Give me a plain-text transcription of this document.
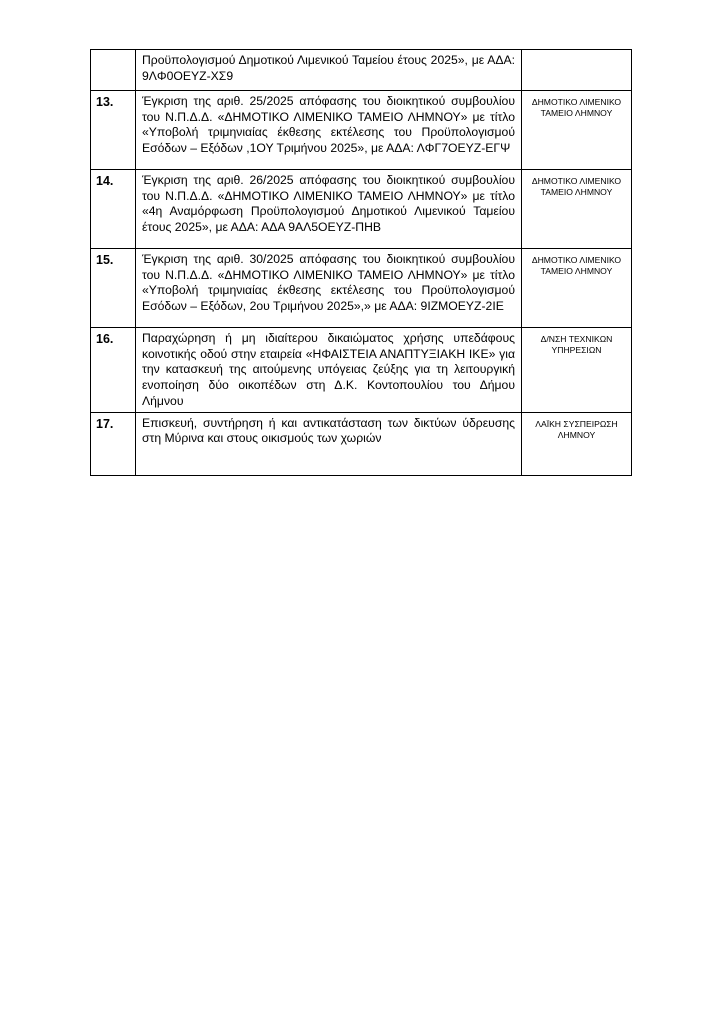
	Προϋπολογισμού Δημοτικού Λιμενικού Ταμείου έτους 2025», με ΑΔΑ: 9ΛΦ0ΟΕΥΖ-ΧΣ9	

13.	Έγκριση της αριθ. 25/2025 απόφασης του διοικητικού συμβουλίου του Ν.Π.Δ.Δ. «ΔΗΜΟΤΙΚΟ ΛΙΜΕΝΙΚΟ ΤΑΜΕΙΟ ΛΗΜΝΟΥ» με τίτλο «Υποβολή τριμηνιαίας έκθεσης εκτέλεσης του Προϋπολογισμού Εσόδων – Εξόδων ,1ΟΥ Τριμήνου 2025», με ΑΔΑ: ΛΦΓ7ΟΕΥΖ-ΕΓΨ	ΔΗΜΟΤΙΚΟ ΛΙΜΕΝΙΚΟ ΤΑΜΕΙΟ ΛΗΜΝΟΥ

14.	Έγκριση της αριθ. 26/2025 απόφασης του διοικητικού συμβουλίου του Ν.Π.Δ.Δ. «ΔΗΜΟΤΙΚΟ ΛΙΜΕΝΙΚΟ ΤΑΜΕΙΟ ΛΗΜΝΟΥ» με τίτλο «4η Αναμόρφωση Προϋπολογισμού Δημοτικού Λιμενικού Ταμείου έτους 2025», με ΑΔΑ: ΑΔΑ 9ΑΛ5ΟΕΥΖ-ΠΗΒ	ΔΗΜΟΤΙΚΟ ΛΙΜΕΝΙΚΟ ΤΑΜΕΙΟ ΛΗΜΝΟΥ

15.	Έγκριση της αριθ. 30/2025 απόφασης του διοικητικού συμβουλίου του Ν.Π.Δ.Δ. «ΔΗΜΟΤΙΚΟ ΛΙΜΕΝΙΚΟ ΤΑΜΕΙΟ ΛΗΜΝΟΥ» με τίτλο «Υποβολή τριμηνιαίας έκθεσης εκτέλεσης του Προϋπολογισμού Εσόδων – Εξόδων, 2ου Τριμήνου 2025»,» με ΑΔΑ: 9ΙΖΜΟΕΥΖ-2ΙΕ	ΔΗΜΟΤΙΚΟ ΛΙΜΕΝΙΚΟ ΤΑΜΕΙΟ ΛΗΜΝΟΥ

16.	Παραχώρηση ή μη ιδιαίτερου δικαιώματος χρήσης υπεδάφους κοινοτικής οδού στην εταιρεία «ΗΦΑΙΣΤΕΙΑ ΑΝΑΠΤΥΞΙΑΚΗ ΙΚΕ» για την κατασκευή της αιτούμενης υπόγειας ζεύξης για τη λειτουργική ενοποίηση δύο οικοπέδων στη Δ.Κ. Κοντοπουλίου του Δήμου Λήμνου	Δ/ΝΣΗ ΤΕΧΝΙΚΩΝ ΥΠΗΡΕΣΙΩΝ

17.	Επισκευή, συντήρηση ή και αντικατάσταση των δικτύων ύδρευσης στη Μύρινα και στους οικισμούς των χωριών	ΛΑΪΚΗ ΣΥΣΠΕΙΡΩΣΗ ΛΗΜΝΟΥ
